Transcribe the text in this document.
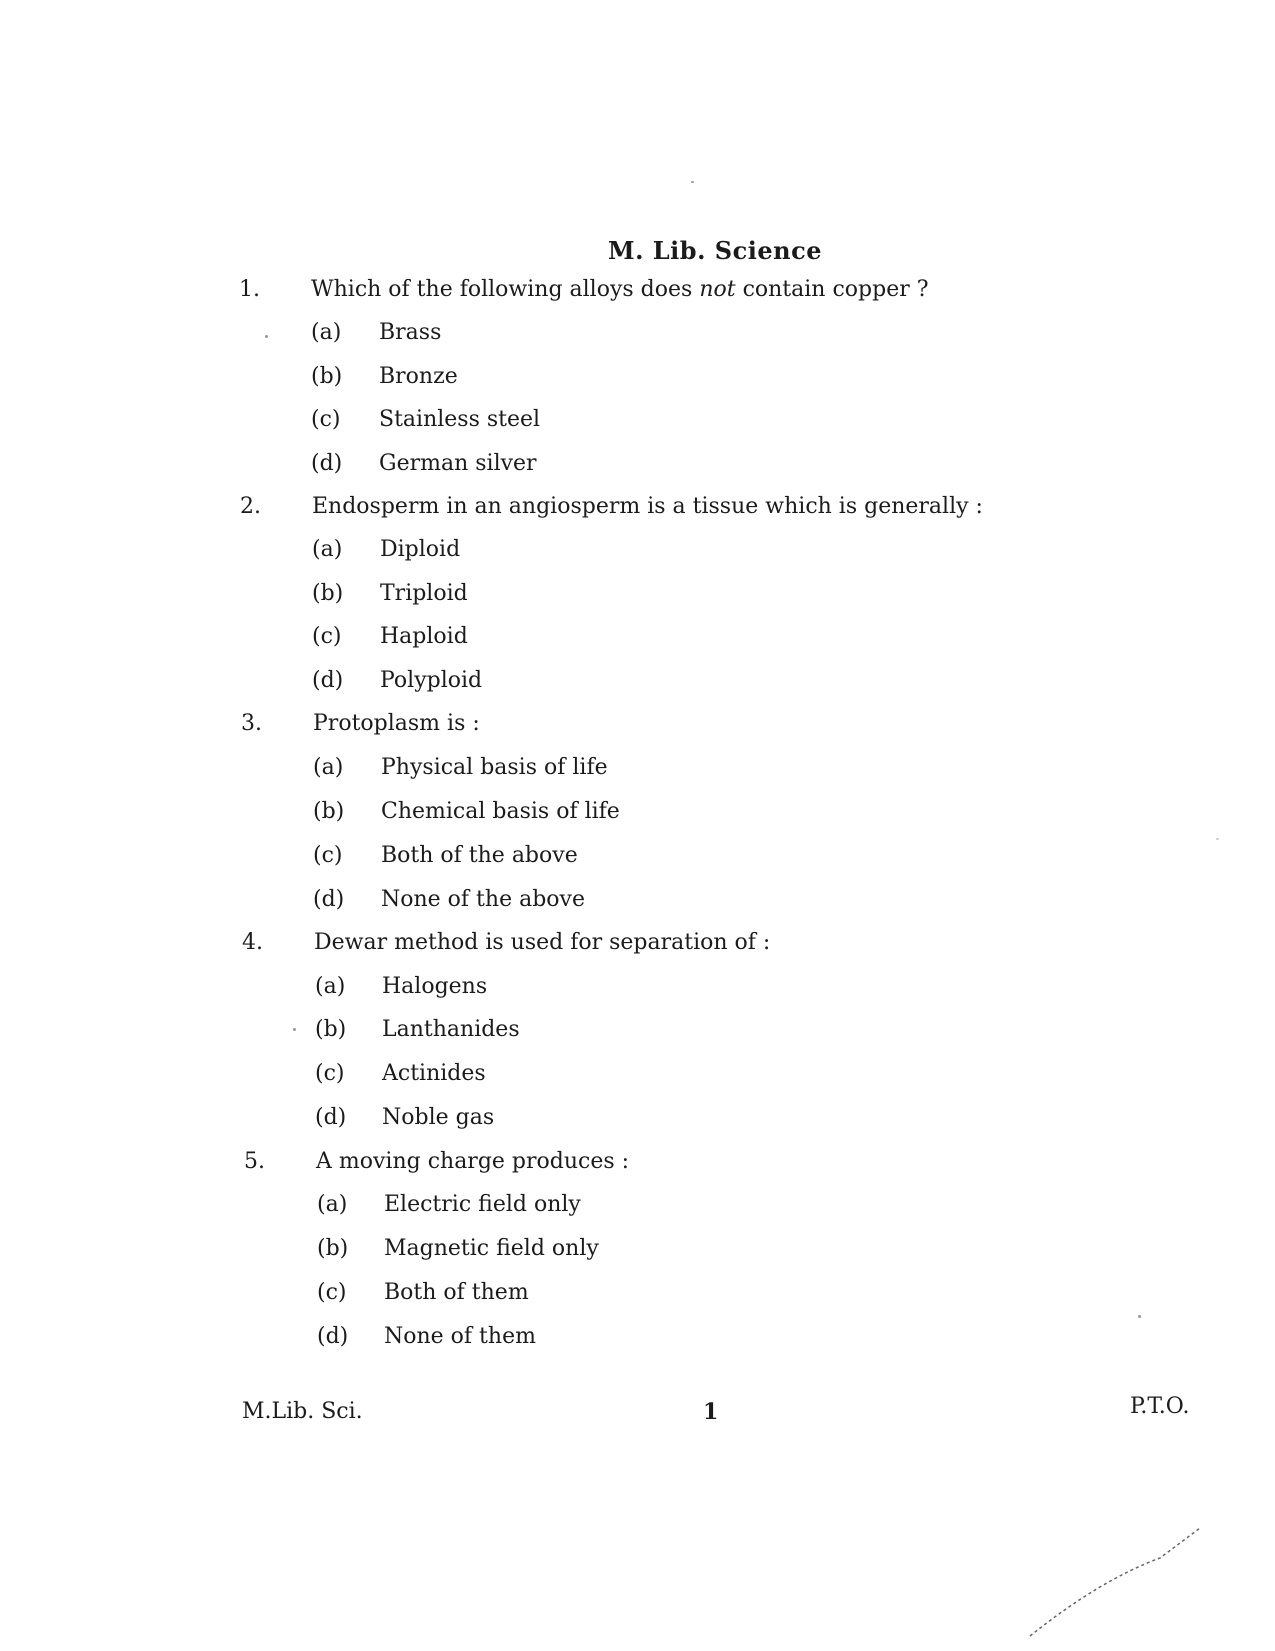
M. Lib. Science
1. Which of the following alloys does not contain copper ?
(a) Brass
(b) Bronze
(c) Stainless steel
(d) German silver
2. Endosperm in an angiosperm is a tissue which is generally :
(a) Diploid
(b) Triploid
(c) Haploid
(d) Polyploid
3. Protoplasm is :
(a) Physical basis of life
(b) Chemical basis of life
(c) Both of the above
(d) None of the above
4. Dewar method is used for separation of :
(a) Halogens
(b) Lanthanides
(c) Actinides
(d) Noble gas
5. A moving charge produces :
(a) Electric field only
(b) Magnetic field only
(c) Both of them
(d) None of them
M.Lib. Sci.	1	P.T.O.
